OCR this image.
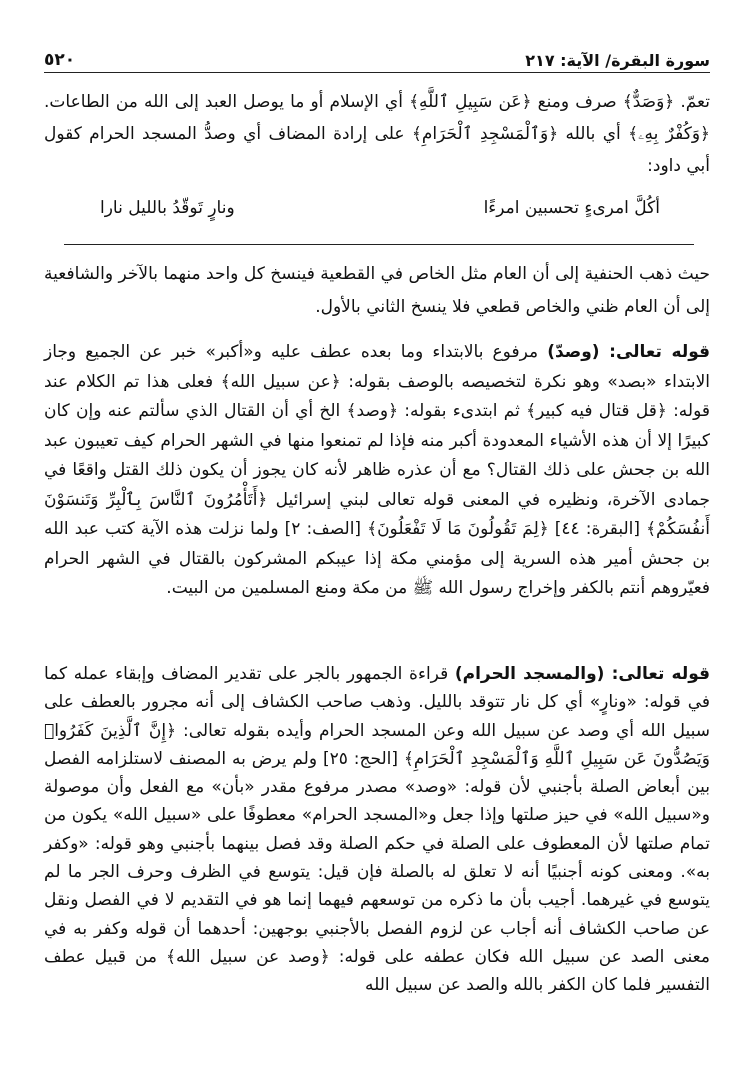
٥٢٠	سورة البقرة/ الآية: ٢١٧

تعمّ. ﴿وَصَدٌّ﴾ صرف ومنع ﴿عَن سَبِيلِ ٱللَّهِ﴾ أي الإسلام أو ما يوصل العبد إلى الله من الطاعات. ﴿وَكُفْرٌ بِهِۦ﴾ أي بالله ﴿وَٱلْمَسْجِدِ ٱلْحَرَامِ﴾ على إرادة المضاف أي وصدُّ المسجد الحرام كقول أبي داود:

أكُلَّ امرىءٍ تحسبين امرءًا
ونارٍ تَوقّدُ بالليل نارا

حيث ذهب الحنفية إلى أن العام مثل الخاص في القطعية فينسخ كل واحد منهما بالآخر والشافعية إلى أن العام ظني والخاص قطعي فلا ينسخ الثاني بالأول.

قوله تعالى: (وصدّ) مرفوع بالابتداء وما بعده عطف عليه و«أكبر» خبر عن الجميع وجاز الابتداء «بصد» وهو نكرة لتخصيصه بالوصف بقوله: ﴿عن سبيل الله﴾ فعلى هذا تم الكلام عند قوله: ﴿قل قتال فيه كبير﴾ ثم ابتدىء بقوله: ﴿وصد﴾ الخ أي أن القتال الذي سألتم عنه وإن كان كبيرًا إلا أن هذه الأشياء المعدودة أكبر منه فإذا لم تمنعوا منها في الشهر الحرام كيف تعيبون عبد الله بن جحش على ذلك القتال؟ مع أن عذره ظاهر لأنه كان يجوز أن يكون ذلك القتل واقعًا في جمادى الآخرة، ونظيره في المعنى قوله تعالى لبني إسرائيل ﴿أَتَأْمُرُونَ ٱلنَّاسَ بِٱلْبِرِّ وَتَنسَوْنَ أَنفُسَكُمْ﴾ [البقرة: ٤٤] ﴿لِمَ تَقُولُونَ مَا لَا تَفْعَلُونَ﴾ [الصف: ٢] ولما نزلت هذه الآية كتب عبد الله بن جحش أمير هذه السرية إلى مؤمني مكة إذا عيبكم المشركون بالقتال في الشهر الحرام فعيّروهم أنتم بالكفر وإخراج رسول الله ﷺ من مكة ومنع المسلمين من البيت.

قوله تعالى: (والمسجد الحرام) قراءة الجمهور بالجر على تقدير المضاف وإبقاء عمله كما في قوله: «ونارٍ» أي كل نار تتوقد بالليل. وذهب صاحب الكشاف إلى أنه مجرور بالعطف على سبيل الله أي وصد عن سبيل الله وعن المسجد الحرام وأيده بقوله تعالى: ﴿إِنَّ ٱلَّذِينَ كَفَرُوا۟ وَيَصُدُّونَ عَن سَبِيلِ ٱللَّهِ وَٱلْمَسْجِدِ ٱلْحَرَامِ﴾ [الحج: ٢٥] ولم يرض به المصنف لاستلزامه الفصل بين أبعاض الصلة بأجنبي لأن قوله: «وصد» مصدر مرفوع مقدر «بأن» مع الفعل وأن موصولة و«سبيل الله» في حيز صلتها وإذا جعل و«المسجد الحرام» معطوفًا على «سبيل الله» يكون من تمام صلتها لأن المعطوف على الصلة في حكم الصلة وقد فصل بينهما بأجنبي وهو قوله: «وكفر به». ومعنى كونه أجنبيًا أنه لا تعلق له بالصلة فإن قيل: يتوسع في الظرف وحرف الجر ما لم يتوسع في غيرهما. أجيب بأن ما ذكره من توسعهم فيهما إنما هو في التقديم لا في الفصل ونقل عن صاحب الكشاف أنه أجاب عن لزوم الفصل بالأجنبي بوجهين: أحدهما أن قوله وكفر به في معنى الصد عن سبيل الله فكان عطفه على قوله: ﴿وصد عن سبيل الله﴾ من قبيل عطف التفسير فلما كان الكفر بالله والصد عن سبيل الله
